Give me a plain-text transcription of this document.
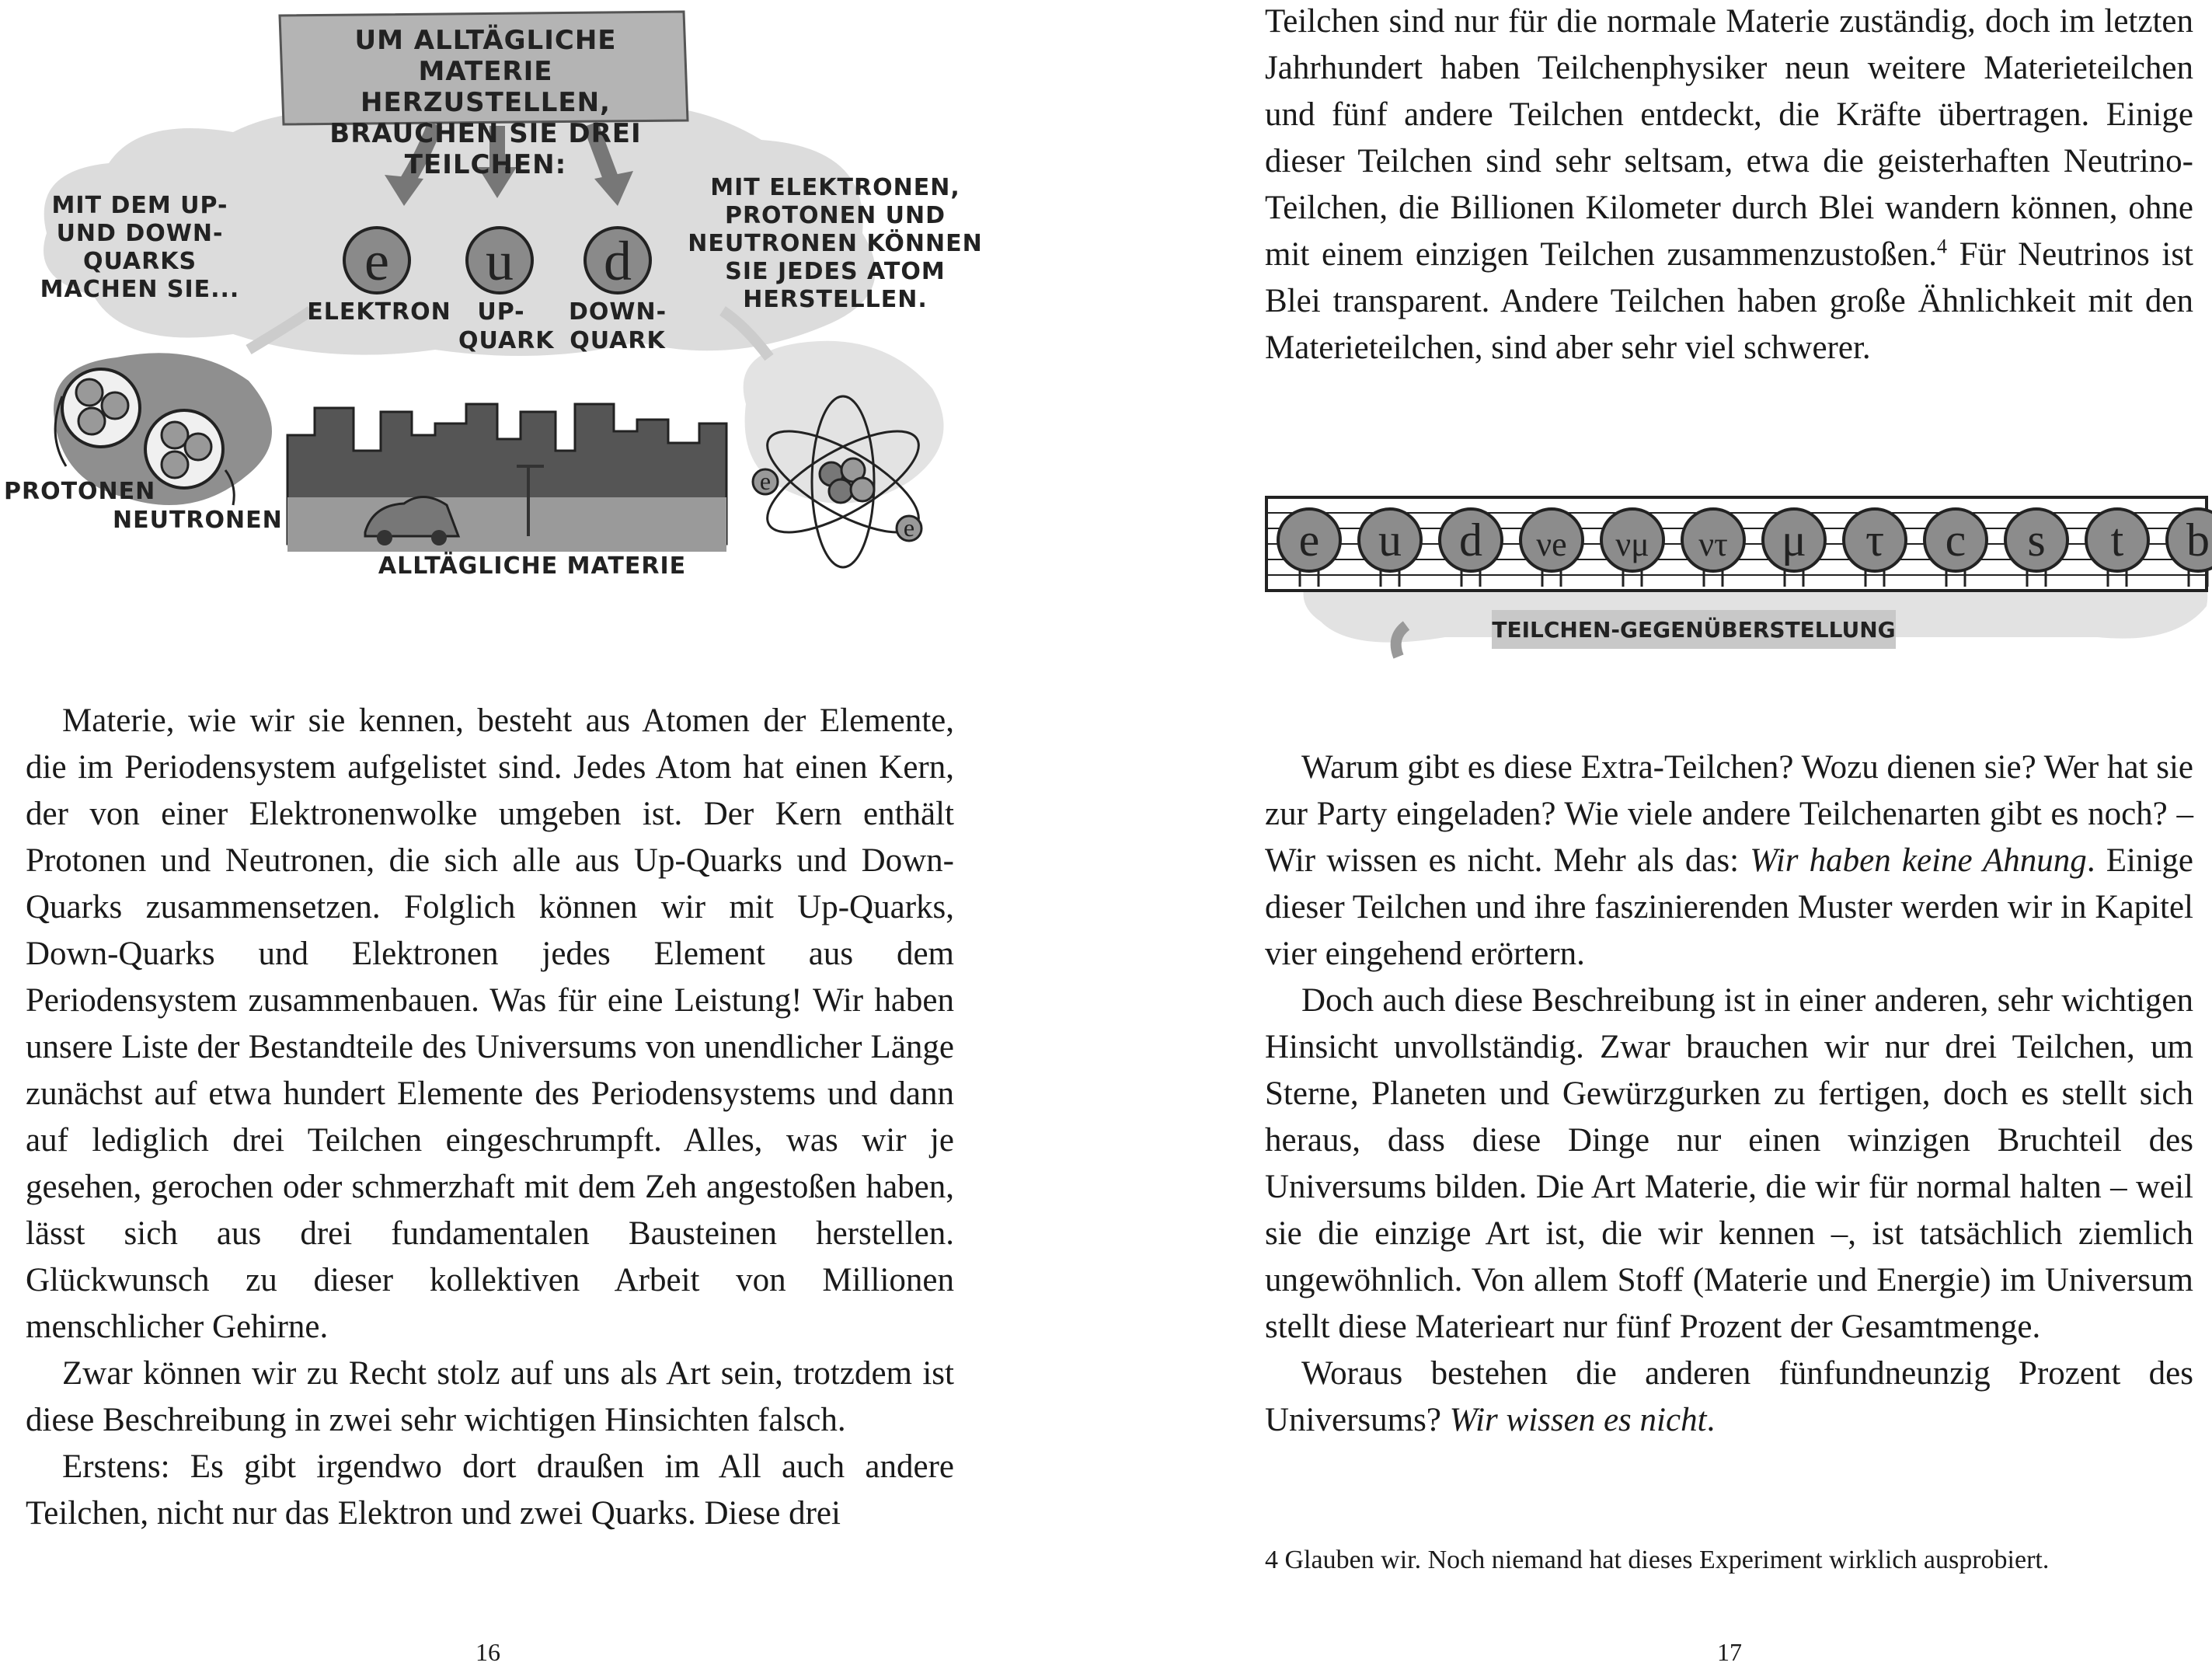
e u d
e
e
UM ALLTÄGLICHE MATERIE HERZUSTELLEN, BRAUCHEN SIE DREI TEILCHEN:
MIT DEM UP- UND DOWN-QUARKS MACHEN SIE...
MIT ELEKTRONEN, PROTONEN UND NEUTRONEN KÖNNEN SIE JEDES ATOM HERSTELLEN.
ELEKTRON	UP-QUARK
DOWN-QUARK
PROTONEN
NEUTRONEN
ALLTÄGLICHE MATERIE

Materie, wie wir sie kennen, besteht aus Atomen der Elemente, die im Periodensystem aufgelistet sind. Jedes Atom hat einen Kern, der von einer Elektronenwolke umgeben ist. Der Kern enthält Protonen und Neutronen, die sich alle aus Up-Quarks und Down-Quarks zusammensetzen. Folglich können wir mit Up-Quarks, Down-Quarks und Elektronen jedes Element aus dem Periodensystem zusammenbauen. Was für eine Leistung! Wir haben unsere Liste der Bestandteile des Universums von unendlicher Länge zunächst auf etwa hundert Elemente des Periodensystems und dann auf lediglich drei Teilchen eingeschrumpft. Alles, was wir je gesehen, gerochen oder schmerzhaft mit dem Zeh angestoßen haben, lässt sich aus drei fundamentalen Bausteinen herstellen. Glückwunsch zu dieser kollektiven Arbeit von Millionen menschlicher Gehirne.

Zwar können wir zu Recht stolz auf uns als Art sein, trotzdem ist diese Beschreibung in zwei sehr wichtigen Hinsichten falsch.

Erstens: Es gibt irgendwo dort draußen im All auch andere Teilchen, nicht nur das Elektron und zwei Quarks. Diese drei

16

Teilchen sind nur für die normale Materie zuständig, doch im letzten Jahrhundert haben Teilchenphysiker neun weitere Materieteilchen und fünf andere Teilchen entdeckt, die Kräfte übertragen. Einige dieser Teilchen sind sehr seltsam, etwa die geisterhaften Neutrino-Teilchen, die Billionen Kilometer durch Blei wandern können, ohne mit einem einzigen Teilchen zusammenzustoßen.$^4$ Für Neutrinos ist Blei transparent. Andere Teilchen haben große Ähnlichkeit mit den Materieteilchen, sind aber sehr viel schwerer.

e u d νe νμ ντ μ τ c s t b
TEILCHEN-GEGENÜBERSTELLUNG

Warum gibt es diese Extra-Teilchen? Wozu dienen sie? Wer hat sie zur Party eingeladen? Wie viele andere Teilchenarten gibt es noch? – Wir wissen es nicht. Mehr als das: Wir haben keine Ahnung. Einige dieser Teilchen und ihre faszinierenden Muster werden wir in Kapitel vier eingehend erörtern.

Doch auch diese Beschreibung ist in einer anderen, sehr wichtigen Hinsicht unvollständig. Zwar brauchen wir nur drei Teilchen, um Sterne, Planeten und Gewürzgurken zu fertigen, doch es stellt sich heraus, dass diese Dinge nur einen winzigen Bruchteil des Universums bilden. Die Art Materie, die wir für normal halten – weil sie die einzige Art ist, die wir kennen –, ist tatsächlich ziemlich ungewöhnlich. Von allem Stoff (Materie und Energie) im Universum stellt diese Materieart nur fünf Prozent der Gesamtmenge.

Woraus bestehen die anderen fünfundneunzig Prozent des Universums? Wir wissen es nicht.

4 Glauben wir. Noch niemand hat dieses Experiment wirklich ausprobiert.
17
